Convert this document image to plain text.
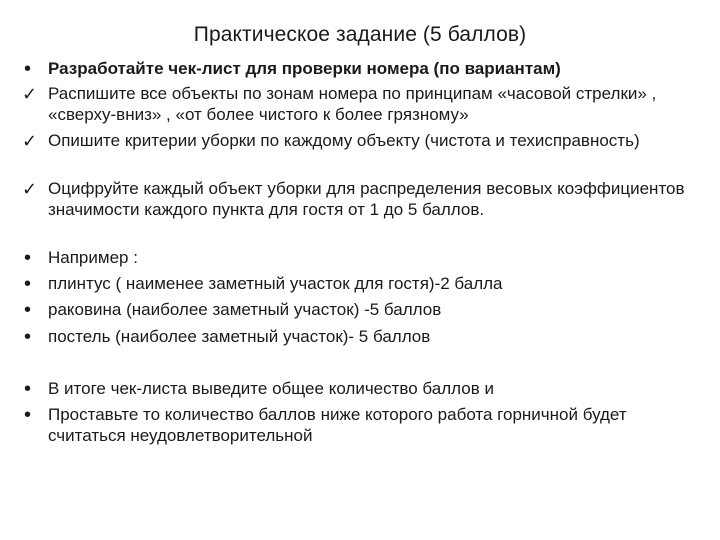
Практическое задание (5 баллов)
• Разработайте чек-лист для проверки номера (по вариантам)
✓ Распишите все объекты по зонам номера по принципам «часовой стрелки» , «сверху-вниз» , «от более чистого к более грязному»
✓ Опишите критерии уборки по каждому объекту (чистота и техисправность)
✓ Оцифруйте каждый объект уборки для распределения весовых коэффициентов значимости каждого пункта для гостя от 1 до 5 баллов.
• Например :
• плинтус ( наименее заметный участок для гостя)-2 балла
• раковина (наиболее заметный участок) -5 баллов
• постель (наиболее заметный участок)- 5 баллов
• В итоге чек-листа выведите общее количество баллов и
• Проставьте то количество баллов ниже которого работа горничной будет считаться неудовлетворительной
